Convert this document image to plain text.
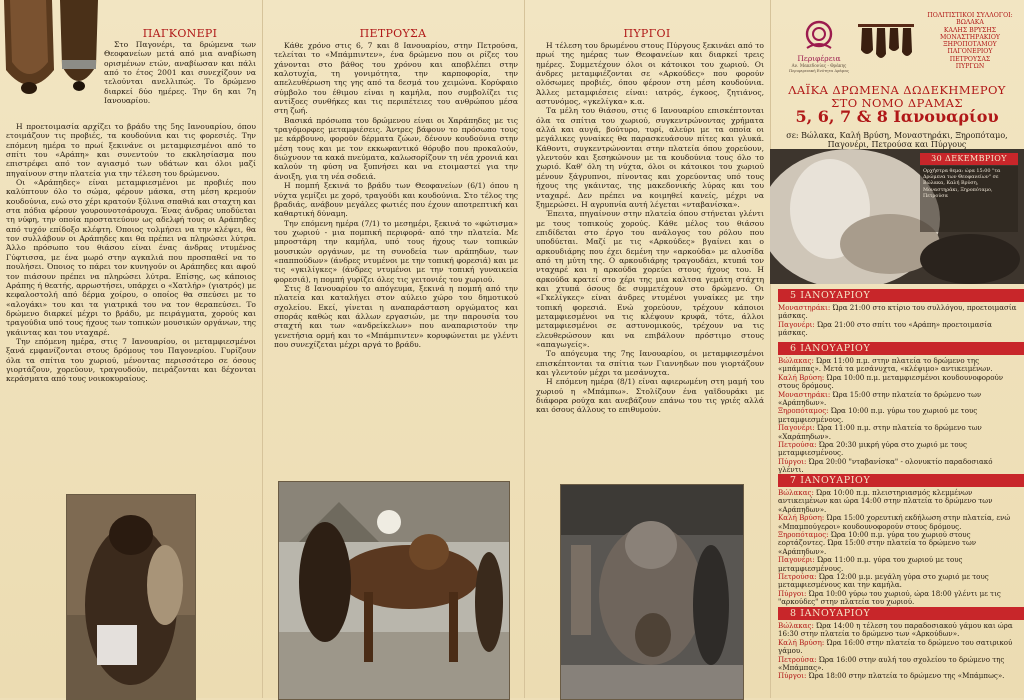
ΠΑΓΚΟΝΕΡΙ
Στο Παγονέρι, τα δρώμενα των Θεοφανείων μετά από μια αναβίωση ορισμένων ετών, αναβίωσαν και πάλι από το έτος 2001 και συνεχίζουν να τελούνται ανελλιπώς. Το δρώμενο διαρκεί δύο ημέρες. Την 6η και 7η Ιανουαρίου.

Η προετοιμασία αρχίζει το βράδυ της 5ης Ιανουαρίου, όπου ετοιμάζουν τις προβιές, τα κουδούνια και τις φορεσιές. Την επόμενη ημέρα το πρωί ξεκινάνε οι μεταμφιεσμένοι από το σπίτι του «Αράπη» και συνεντούν το εκκλησίασμα που επιστρέφει από τον αγιασμό των υδάτων και όλοι μαζί πηγαίνουν στην πλατεία για την τέλεση του δρώμενου.

Οι «Αράπηδες» είναι μεταμφιεσμένοι με προβιές που καλύπτουν όλο το σώμα, φέρουν μάσκα, στη μέση κρεμούν κουδούνια, ενώ στο χέρι κρατούν ξύλινα σπαθιά και σταχτη και στα πόδια φέρουν γουρουνοτσάρουχα. Ένας άνδρας υποδύεται τη νύφη, την οποία προστατεύουν ως αδελφή τους οι Αράπηδες από τυχόν επίδοξο κλέφτη. Όποιος τολμήσει να την κλέψει, θα τον συλλάβουν οι Αράπηδες και θα πρέπει να πληρώσει λύτρα. Άλλο πρόσωπο του θιάσου είναι ένας άνδρας ντυμένος Γύφτισσα, με ένα μωρό στην αγκαλιά που προσπαθεί να το πουλήσει. Όποιος το πάρει τον κυνηγούν οι Αράπηδες και αφού τον πιάσουν πρέπει να πληρώσει λύτρα. Επίσης, ως κάποιος Αράπης ή θεατής, αρρωστήσει, υπάρχει ο «Χατλήρ» (γιατρός) με κεφαλοστολή από δέρμα χοίρου, ο οποίος θα σπεύσει με το «αλογάκι» του και τα γιατρικά του να τον θεραπεύσει. Το δρώμενο διαρκεί μέχρι το βράδυ, με πειράγματα, χορούς και τραγούδια υπό τους ήχους των τοπικών μουσικών οργάνων, της γκάιντας και του νταχαρέ.

Την επόμενη ημέρα, στις 7 Ιανουαρίου, οι μεταμφιεσμένοι ξανά εμφανίζονται στους δρόμους του Παγονερίου. Γυρίζουν όλα τα σπίτια του χωριού, μένοντας περισσότερο σε όσους γιορτάζουν, χορεύουν, τραγουδούν, πειράζονται και δέχονται κεράσματα από τους νοικοκυραίους.

ΠΕΤΡΟΥΣΑ

Κάθε χρόνο στις 6, 7 και 8 Ιανουαρίου, στην Πετρούσα, τελείται το «Μπάμπιντεν», ένα δρώμενο που οι ρίζες του χάνονται στο βάθος του χρόνου και αποβλέπει στην καλοτυχία, τη γονιμότητα, την καρποφορία, την απελευθέρωση της γης από τα δεσμά του χειμώνα. Κορύφαιο σύμβολο του έθιμου είναι η καμήλα, που συμβολίζει τις αντίξοες συνθήκες και τις περιπέτειες του ανθρώπου μέσα στη ζωή.

Βασικά πρόσωπα του δρώμενου είναι οι Χαράπηδες με τις τραγόμορφες μεταμφιέσεις. Άντρες βάφουν το πρόσωπο τους με κάρβουνο, φορούν δέρματα ζώων, δένουν κουδούνια στην μέση τους και με τον εκκωφαντικό θόρυβο που προκαλούν, διώχνουν τα κακά πνεύματα, καλωσορίζουν τη νέα χρονιά και καλούν τη φύση να ξυπνήσει και να ετοιμαστεί για την άνοιξη, για τη νέα σοδειά.

Η πομπή ξεκινά το βράδυ των Θεοφανείων (6/1) όπου η νύχτα γεμίζει με χορό, τραγούδι και κουδούνια. Στο τέλος της βραδιάς, ανάβουν μεγάλες φωτιές που έχουν αποτρεπτική και καθαρτική δύναμη.

Την επόμενη ημέρα (7/1) το μεσημέρι, ξεκινά το «φώτισμα» του χωριού - μια πομπική περιφορά- από την πλατεία. Με μπροστάρη την καμήλα, υπό τους ήχους των τοπικών μουσικών οργάνων, με τη συνοδεία των αράπηδων, των «παππούδων» (άνδρες ντυμένοι με την τοπική φορεσιά) και με τις «γκιλίγκες» (άνδρες ντυμένοι με την τοπική γυναικεία φορεσιά), η πομπή γυρίζει όλες τις γειτονιές του χωριού.

Στις 8 Ιανουαρίου το απόγευμα, ξεκινά η πομπή από την πλατεία και καταλήγει στον αύλειο χώρο του δημοτικού σχολείου. Εκεί, γίνεται η αναπαράσταση οργώματος και σποράς καθώς και άλλων εργασιών, με την παρουσία του σταχτή και των «ανδρείκελων» που αναπαριστούν την γενετήσια ορμή και το «Μπάμπιντεν» κορυφώνεται με γλέντι που συνεχίζεται μέχρι αργά το βράδυ.

ΠΥΡΓΟΙ

Η τέλεση του δρωμένου στους Πύργους ξεκινάει από το πρωί της ημέρας των Θεοφανείων και διαρκεί τρεις ημέρες. Συμμετέχουν όλοι οι κάτοικοι του χωριού. Οι άνδρες μεταμφιέζονται σε «Αρκούδες» που φορούν ολόσωμες προβιές, όπου φέρουν στη μέση κουδούνια. Άλλες μεταμφιέσεις είναι: ιατρός, έγκοος, ζητιάνος, αστυνόμος, «γκελίγκα» κ.α.

Τα μέλη του θιάσου, στις 6 Ιανουαρίου επισκέπτονται όλα τα σπίτια του χωριού, συγκεντρώνοντας χρήματα αλλά και αυγά, βούτυρο, τυρί, αλεύρι με τα οποία οι μεγάλικες γυναίκες θα παρασκευάσουν πίτες και γλυκά. Κάθοντι, συγκεντρώνονται στην πλατεία όπου χορεύουν, γλεντούν και ξεσηκώνουν με τα κουδούνια τους όλο το χωριό. Καθ' όλη τη νύχτα, όλοι οι κάτοικοι του χωριού μένουν ξάγρυπνοι, πίνοντας και χορεύοντας υπό τους ήχους της γκάιντας, της μακεδονικής λύρας και του νταχαρέ. Δεν πρέπει να κοιμηθεί κανείς, μέχρι να ξημερώσει. Η αγρυπνία αυτή λέγεται «νταβανίσκα».

Έπειτα, πηγαίνουν στην πλατεία όπου στήνεται γλέντι με τους τοπικούς χορούς. Κάθε μέλος του θιάσου επιδίδεται στο έργο του ανάλογος του ρόλου που υποδύεται. Μαζί με τις «Αρκούδες» βγαίνει και ο αρκουδιάρης που έχει δεμένη την «αρκούδα» με αλυσίδα από τη μύτη της. Ο αρκουδιάρης τραγουδάει, κτυπά τον νταχαρέ και η αρκούδα χορεύει στους ήχους του. Η αρκούδα κρατεί στο χέρι της μια καλτσα γεμάτη στάχτη και χτυπά όσους δε συμμετέχουν στο δρώμενο. Οι «Γκελίγκες» είναι άνδρες ντυμένοι γυναίκες με την τοπική φορεσιά. Ενώ χορεύουν, τρέχουν κάποιοι μεταμφιεσμένοι να τις κλέψουν κρυφά, τότε, άλλοι μεταμφιεσμένοι σε αστυνομικούς, τρέχουν να τις ελευθερώσουν και να επιβάλουν πρόστιμο στους «απαγωγείς».

Το απόγευμα της 7ης Ιανουαρίου, οι μεταμφιεσμένοι επισκέπτονται τα σπίτια των Γιαννηδων που γιορτάζουν και γλεντούν μέχρι τα μεσάνυχτα.

Η επόμενη ημέρα (8/1) είναι αφιερωμένη στη μαμή του χωριού η «Μπάμπω». Στολίζουν ένα γαϊδουράκι με διάφορα ρούχα και ανεβάζουν επάνω του τις γριές αλλά και όσους άλλους το επιθυμούν.

Περιφέρεια
Αν. Μακεδονίας - Θράκης
Περιφερειακή Ενότητα Δράμας
ΠΟΛΙΤΙΣΤΙΚΟΙ ΣΥΛΛΟΓΟΙ:
ΒΩΛΑΚΑ
ΚΑΛΗΣ ΒΡΥΣΗΣ
ΜΟΝΑΣΤΗΡΑΚΙΟΥ
ΞΗΡΟΠΟΤΑΜΟΥ
ΠΑΓΟΝΕΡΙΟΥ
ΠΕΤΡΟΥΣΑΣ
ΠΥΡΓΩΝ
ΛΑΪΚΑ ΔΡΩΜΕΝΑ ΔΩΔΕΚΗΜΕΡΟΥ
ΣΤΟ ΝΟΜΟ ΔΡΑΜΑΣ
5, 6, 7 & 8 Ιανουαρίου
σε: Βώλακα, Καλή Βρύση, Μοναστηράκι, Ξηροπόταμο, Παγονέρι, Πετρούσα και Πύργους
30 ΔΕΚΕΜΒΡΙΟΥ
Ορχήστρα θεμα: ώρα 15:00 "τα Δρώμενα των Θεοφανείων" σε Βώλακα, Καλή Βρύση, Μοναστηράκι, Ξηροπόταμο, Πετρούσα
5 ΙΑΝΟΥΑΡΙΟΥ

Μοναστηράκι: Ώρα 21:00 στο κτίριο του συλλόγου, προετοιμασία μάσκας.

Παγονέρι: Ώρα 21:00 στο σπίτι του «Αράπη» προετοιμασία μάσκας.

6 ΙΑΝΟΥΑΡΙΟΥ

Βώλακας: Ώρα 11:00 π.μ. στην πλατεία το δρώμενο της «μπάμπας». Μετά τα μεσάνυχτα, «κλέψιμο» αντικειμένων.

Καλή Βρύση: Ώρα 10:00 π.μ. μεταμφιεσμένοι κουδουνοφορούν στους δρόμους.

Μοναστηράκι: Ώρα 15:00 στην πλατεία το δρώμενο των «Αράπηδων».

Ξηροπόταμος: Ώρα 10:00 π.μ. γύρω του χωριού με τους μεταμφιεσμένους.

Παγονέρι: Ώρα 11:00 π.μ. στην πλατεία το δρώμενο των «Χαράπηδων».

Πετρούσα: Ώρα 20:30 μικρή γύρα στο χωριό με τους μεταμφιεσμένους.

Πύργοι: Ώρα 20:00 "νταβανίσκα" - ολονυκτίο παραδοσιακό γλέντι.

7 ΙΑΝΟΥΑΡΙΟΥ

Βώλακας: Ώρα 10:00 π.μ. πλειστηριασμός κλεμμένων αντικειμένων και ώρα 14:00 στην πλατεία το δρώμενο των «Αράπηδων».

Καλή Βρύση: Ώρα 15:00 χορευτική εκδήλωση στην πλατεία, ενώ «Μπαμπούγεροι» κουδουνοφορούν στους δρόμους.

Ξηροπόταμος: Ώρα 10:00 π.μ. γύρα του χωριού στους εορτάζοντες. Ώρα 15:00 στην πλατεία το δρώμενο των «Αράπηδων».

Παγονέρι: Ώρα 11:00 π.μ. γύρα του χωριού με τους μεταμφιεσμένους.

Πετρούσα: Ώρα 12:00 μ.μ. μεγάλη γύρα στο χωριό με τους μεταμφιεσμένους και την καμήλα.

Πύργοι: Ώρα 10:00 γύρω του χωριού, ώρα 18:00 γλέντι με τις "αρκούδες" στην πλατεία του χωριού.

8 ΙΑΝΟΥΑΡΙΟΥ

Βώλακας: Ώρα 14:00 η τέλεση του παραδοσιακού γάμου και ώρα 16:30 στην πλατεία το δρώμενο των «Αρκούδων».

Καλή Βρύση: Ώρα 16:00 στην πλατεία το δρώμενο του σατιρικού γάμου.

Πετρούσα: Ώρα 16:00 στην αυλή του σχολείου το δρώμενο της «Μπάμπας».

Πύργοι: Ώρα 18:00 στην πλατεία το δρώμενο της «Μπάμπως».
